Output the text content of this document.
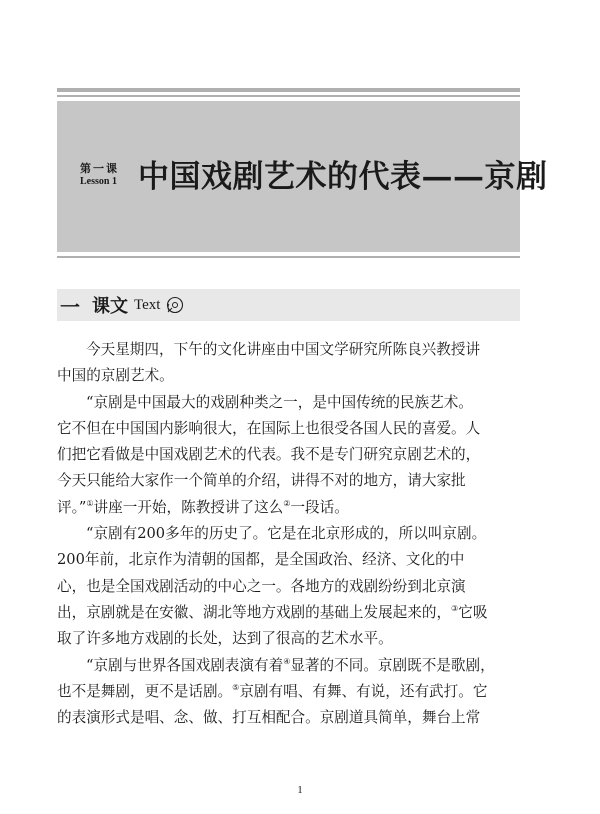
第一课
Lesson 1 中国戏剧艺术的代表——京剧
一 课文 Text
今天星期四，下午的文化讲座由中国文学研究所陈良兴教授讲
中国的京剧艺术。
“京剧是中国最大的戏剧种类之一，是中国传统的民族艺术。
它不但在中国国内影响很大，在国际上也很受各国人民的喜爱。人
们把它看做是中国戏剧艺术的代表。我不是专门研究京剧艺术的，
今天只能给大家作一个简单的介绍，讲得不对的地方，请大家批
评。”①讲座一开始，陈教授讲了这么②一段话。
“京剧有200多年的历史了。它是在北京形成的，所以叫京剧。
200年前，北京作为清朝的国都，是全国政治、经济、文化的中
心，也是全国戏剧活动的中心之一。各地方的戏剧纷纷到北京演
出，京剧就是在安徽、湖北等地方戏剧的基础上发展起来的，③它吸
取了许多地方戏剧的长处，达到了很高的艺术水平。
“京剧与世界各国戏剧表演有着④显著的不同。京剧既不是歌剧，
也不是舞剧，更不是话剧。⑤京剧有唱、有舞、有说，还有武打。它
的表演形式是唱、念、做、打互相配合。京剧道具简单，舞台上常
1
